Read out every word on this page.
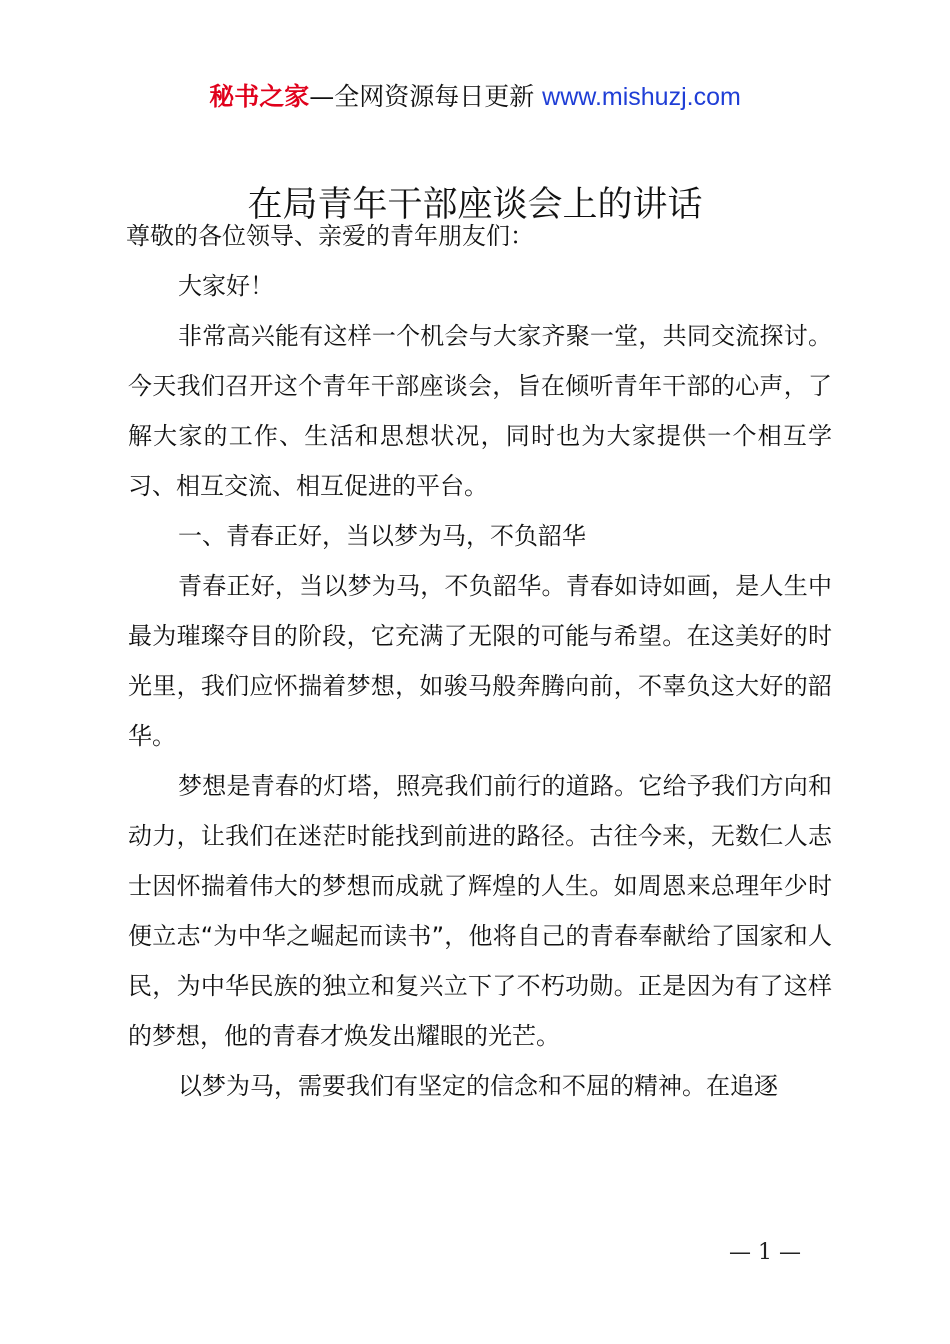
秘书之家—全网资源每日更新 www.mishuzj.com
在局青年干部座谈会上的讲话

尊敬的各位领导、亲爱的青年朋友们：

大家好！

非常高兴能有这样一个机会与大家齐聚一堂，共同交流探讨。今天我们召开这个青年干部座谈会，旨在倾听青年干部的心声，了解大家的工作、生活和思想状况，同时也为大家提供一个相互学习、相互交流、相互促进的平台。

一、青春正好，当以梦为马，不负韶华

青春正好，当以梦为马，不负韶华。青春如诗如画，是人生中最为璀璨夺目的阶段，它充满了无限的可能与希望。在这美好的时光里，我们应怀揣着梦想，如骏马般奔腾向前，不辜负这大好的韶华。

梦想是青春的灯塔，照亮我们前行的道路。它给予我们方向和动力，让我们在迷茫时能找到前进的路径。古往今来，无数仁人志士因怀揣着伟大的梦想而成就了辉煌的人生。如周恩来总理年少时便立志“为中华之崛起而读书”，他将自己的青春奉献给了国家和人民，为中华民族的独立和复兴立下了不朽功勋。正是因为有了这样的梦想，他的青春才焕发出耀眼的光芒。

以梦为马，需要我们有坚定的信念和不屈的精神。在追逐

— 1 —
